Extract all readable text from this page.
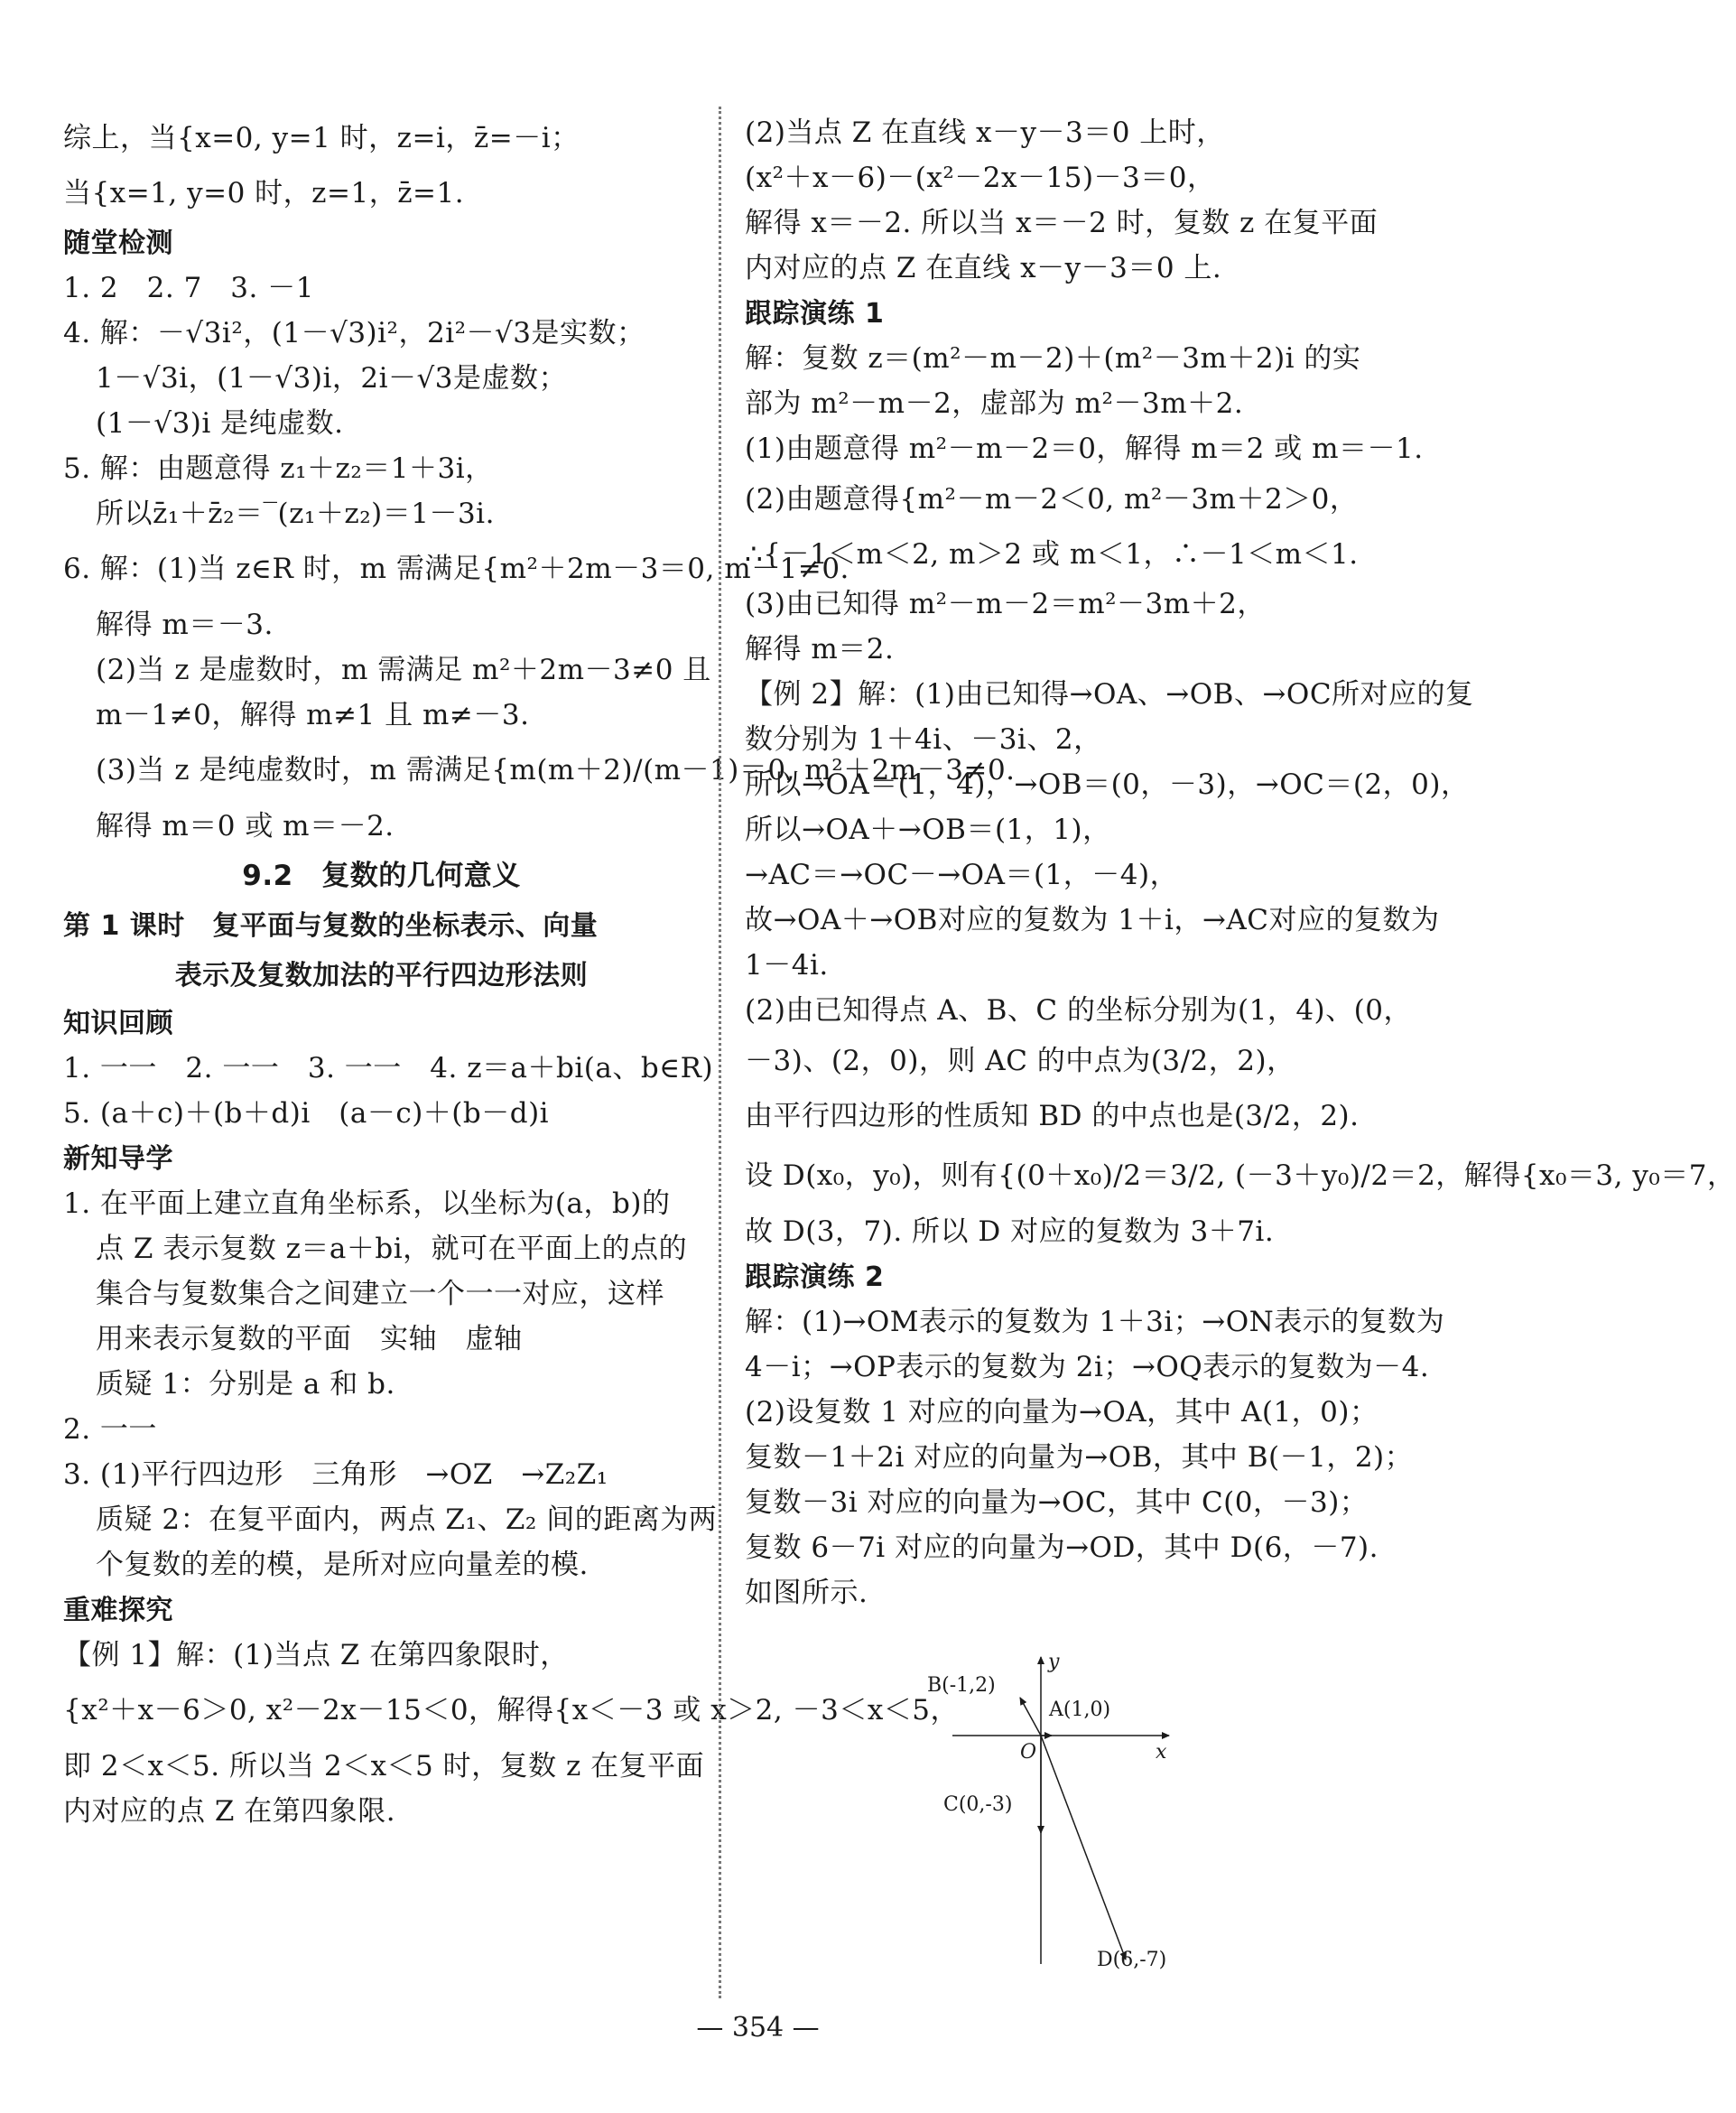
综上，当{x=0, y=1 时，z=i，z̄=－i；
当{x=1, y=0 时，z=1，z̄=1.
随堂检测
1. 2　2. 7　3. －1
4. 解：－√3i²，(1－√3)i²，2i²－√3是实数；
1－√3i，(1－√3)i，2i－√3是虚数；
(1－√3)i 是纯虚数.
5. 解：由题意得 z₁＋z₂＝1＋3i，
所以z̄₁＋z̄₂＝‾(z₁＋z₂)＝1－3i.
6. 解：(1)当 z∈R 时，m 需满足{m²＋2m－3＝0, m－1≠0.
解得 m＝－3.
(2)当 z 是虚数时，m 需满足 m²＋2m－3≠0 且
m－1≠0，解得 m≠1 且 m≠－3.
(3)当 z 是纯虚数时，m 需满足{m(m＋2)/(m－1)＝0, m²＋2m－3≠0.
解得 m＝0 或 m＝－2.
9.2　复数的几何意义
第 1 课时　复平面与复数的坐标表示、向量
表示及复数加法的平行四边形法则
知识回顾
1. 一一　2. 一一　3. 一一　4. z＝a＋bi(a、b∈R)
5. (a＋c)＋(b＋d)i　(a－c)＋(b－d)i
新知导学
1. 在平面上建立直角坐标系，以坐标为(a，b)的
点 Z 表示复数 z＝a＋bi，就可在平面上的点的
集合与复数集合之间建立一个一一对应，这样
用来表示复数的平面　实轴　虚轴
质疑 1：分别是 a 和 b.
2. 一一
3. (1)平行四边形　三角形　→OZ　→Z₂Z₁
质疑 2：在复平面内，两点 Z₁、Z₂ 间的距离为两
个复数的差的模，是所对应向量差的模.
重难探究
【例 1】解：(1)当点 Z 在第四象限时，
{x²＋x－6＞0, x²－2x－15＜0，解得{x＜－3 或 x＞2, －3＜x＜5，
即 2＜x＜5. 所以当 2＜x＜5 时，复数 z 在复平面
内对应的点 Z 在第四象限.
(2)当点 Z 在直线 x－y－3＝0 上时，
(x²＋x－6)－(x²－2x－15)－3＝0，
解得 x＝－2. 所以当 x＝－2 时，复数 z 在复平面
内对应的点 Z 在直线 x－y－3＝0 上.
跟踪演练 1
解：复数 z＝(m²－m－2)＋(m²－3m＋2)i 的实
部为 m²－m－2，虚部为 m²－3m＋2.
(1)由题意得 m²－m－2＝0，解得 m＝2 或 m＝－1.
(2)由题意得{m²－m－2＜0, m²－3m＋2＞0，
∴{－1＜m＜2, m＞2 或 m＜1，∴－1＜m＜1.
(3)由已知得 m²－m－2＝m²－3m＋2，
解得 m＝2.
【例 2】解：(1)由已知得→OA、→OB、→OC所对应的复
数分别为 1＋4i、－3i、2，
所以→OA＝(1，4)，→OB＝(0，－3)，→OC＝(2，0)，
所以→OA＋→OB＝(1，1)，
→AC＝→OC－→OA＝(1，－4)，
故→OA＋→OB对应的复数为 1＋i，→AC对应的复数为
1－4i.
(2)由已知得点 A、B、C 的坐标分别为(1，4)、(0，
－3)、(2，0)，则 AC 的中点为(3/2，2)，
由平行四边形的性质知 BD 的中点也是(3/2，2).
设 D(x₀，y₀)，则有{(0＋x₀)/2＝3/2, (－3＋y₀)/2＝2，解得{x₀＝3, y₀＝7，
故 D(3，7). 所以 D 对应的复数为 3＋7i.
跟踪演练 2
解：(1)→OM表示的复数为 1＋3i；→ON表示的复数为
4－i；→OP表示的复数为 2i；→OQ表示的复数为－4.
(2)设复数 1 对应的向量为→OA，其中 A(1，0)；
复数－1＋2i 对应的向量为→OB，其中 B(－1，2)；
复数－3i 对应的向量为→OC，其中 C(0，－3)；
复数 6－7i 对应的向量为→OD，其中 D(6，－7).
如图所示.
y
x
O
B(-1,2)
A(1,0)
C(0,-3)
D(6,-7)
— 354 —
